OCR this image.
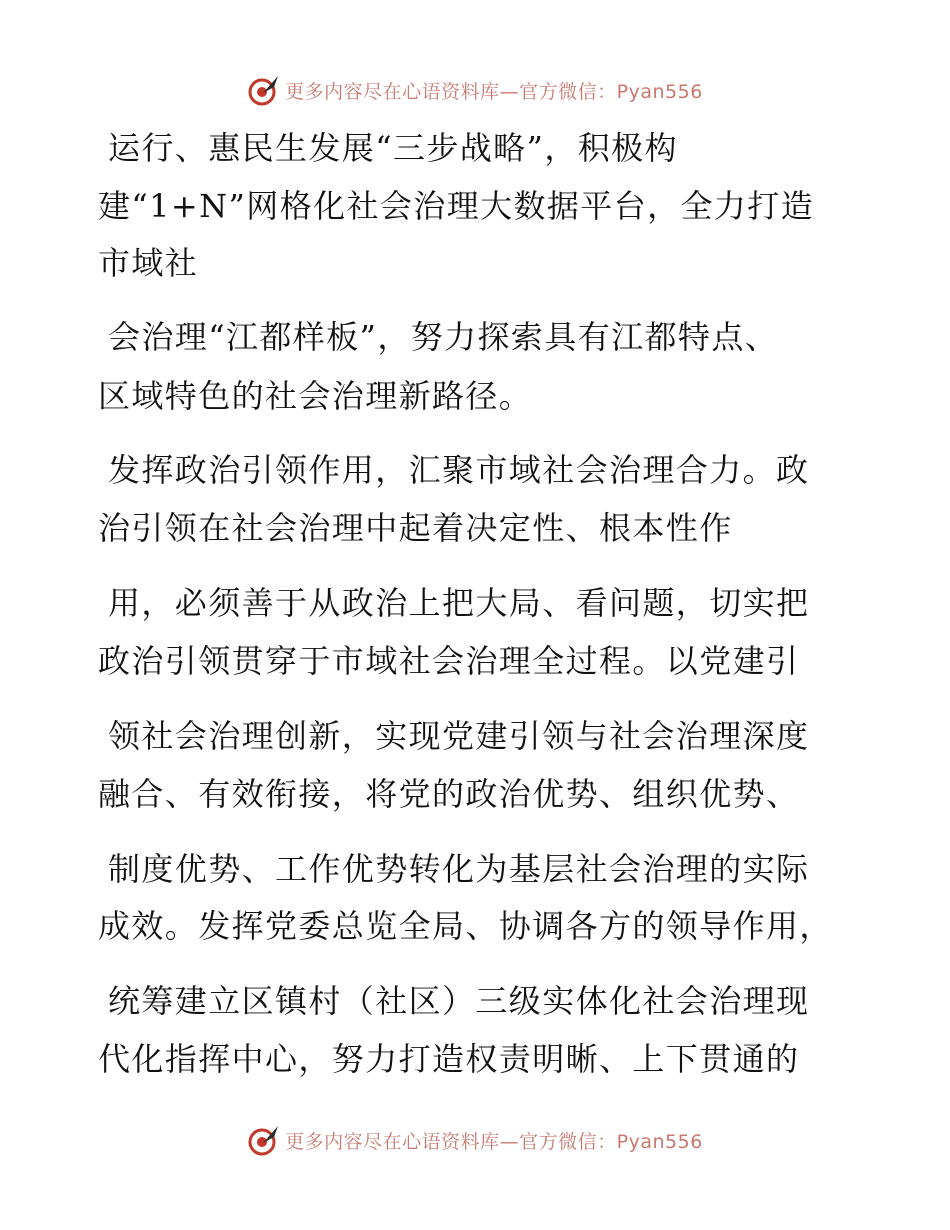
更多内容尽在心语资料库—官方微信：Pyan556
运行、惠民生发展“三步战略”，积极构
建“1+N”网格化社会治理大数据平台，全力打造
市域社
会治理“江都样板”，努力探索具有江都特点、
区域特色的社会治理新路径。
发挥政治引领作用，汇聚市域社会治理合力。政
治引领在社会治理中起着决定性、根本性作
用，必须善于从政治上把大局、看问题，切实把
政治引领贯穿于市域社会治理全过程。以党建引
领社会治理创新，实现党建引领与社会治理深度
融合、有效衔接，将党的政治优势、组织优势、
制度优势、工作优势转化为基层社会治理的实际
成效。发挥党委总览全局、协调各方的领导作用，
统筹建立区镇村（社区）三级实体化社会治理现
代化指挥中心，努力打造权责明晰、上下贯通的
更多内容尽在心语资料库—官方微信：Pyan556
